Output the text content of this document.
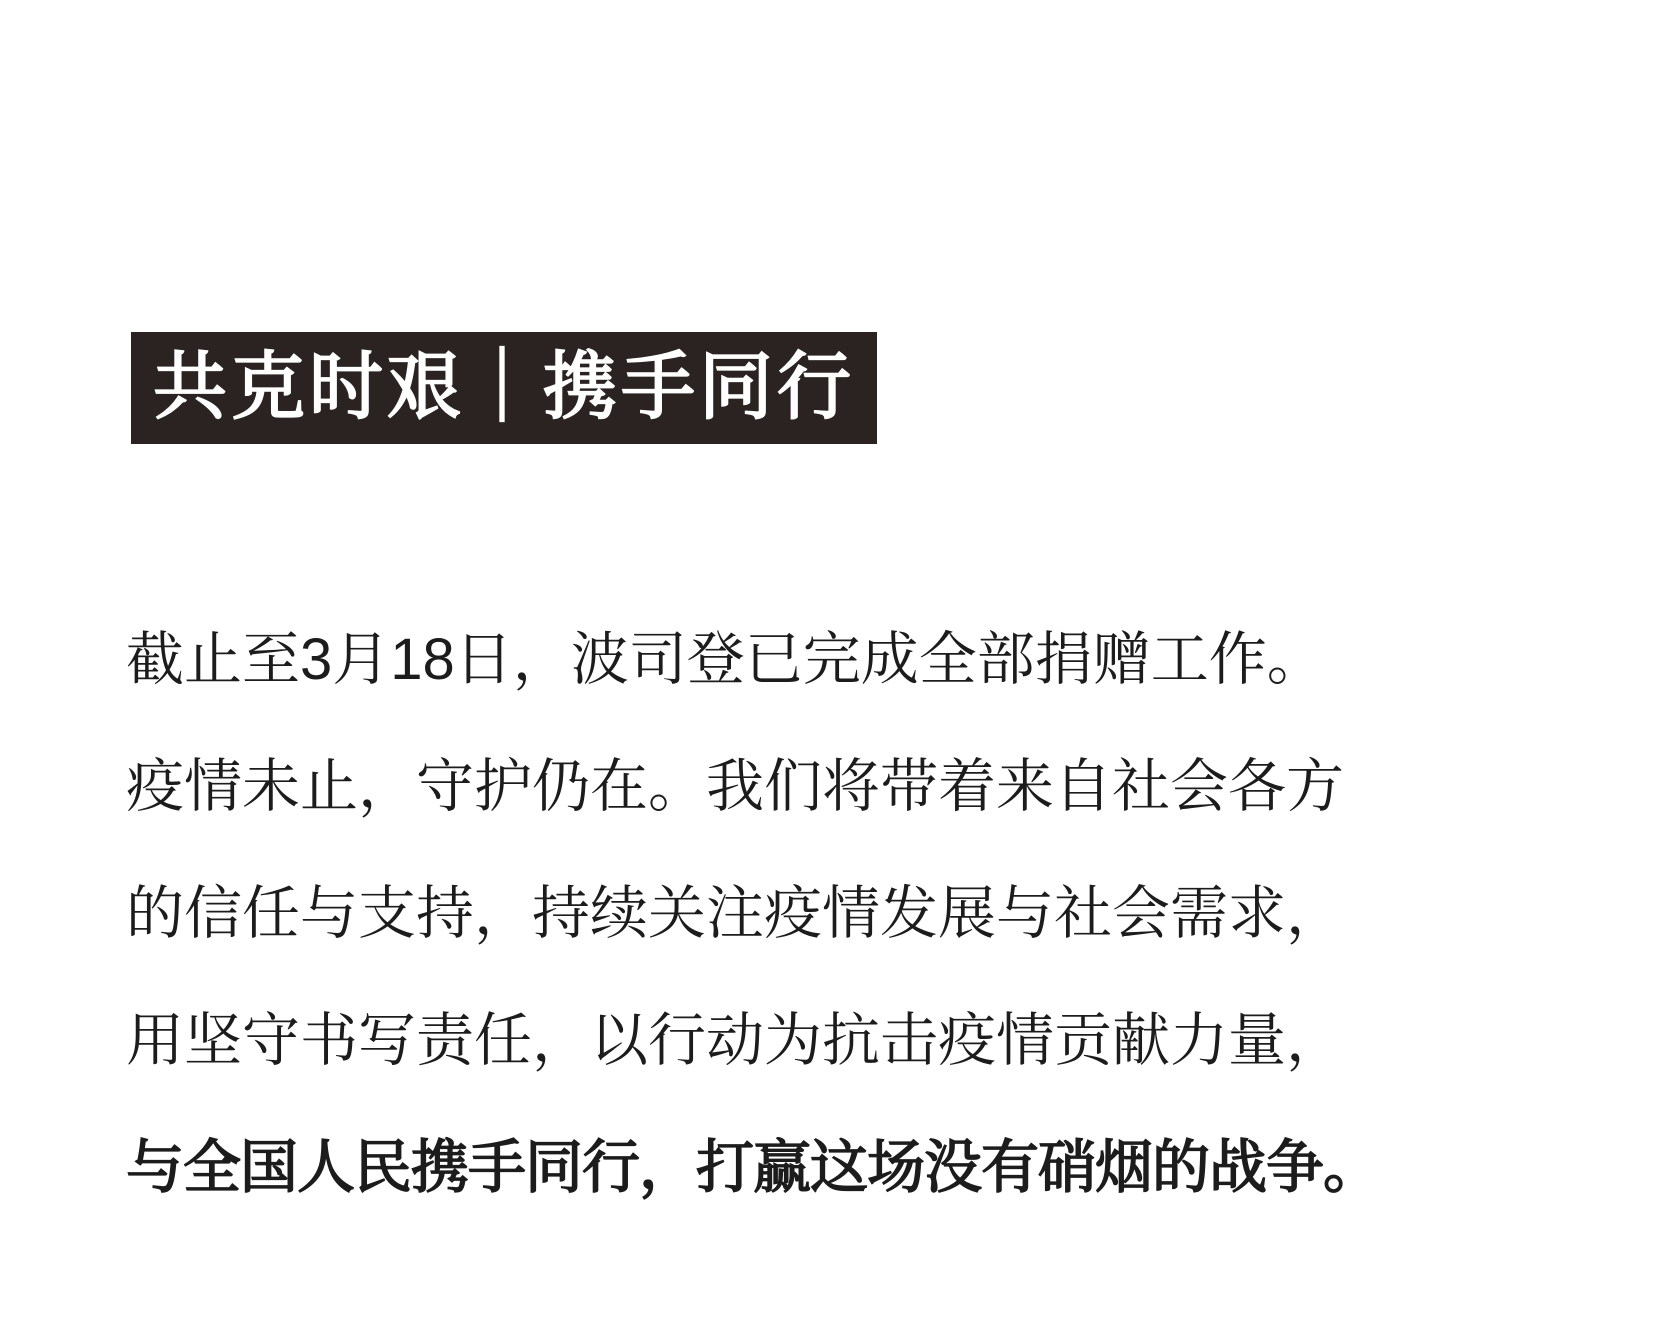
共克时艰｜携手同行
截止至3月18日，波司登已完成全部捐赠工作。
疫情未止，守护仍在。我们将带着来自社会各方
的信任与支持，持续关注疫情发展与社会需求，
用坚守书写责任，以行动为抗击疫情贡献力量，
与全国人民携手同行，打赢这场没有硝烟的战争。
